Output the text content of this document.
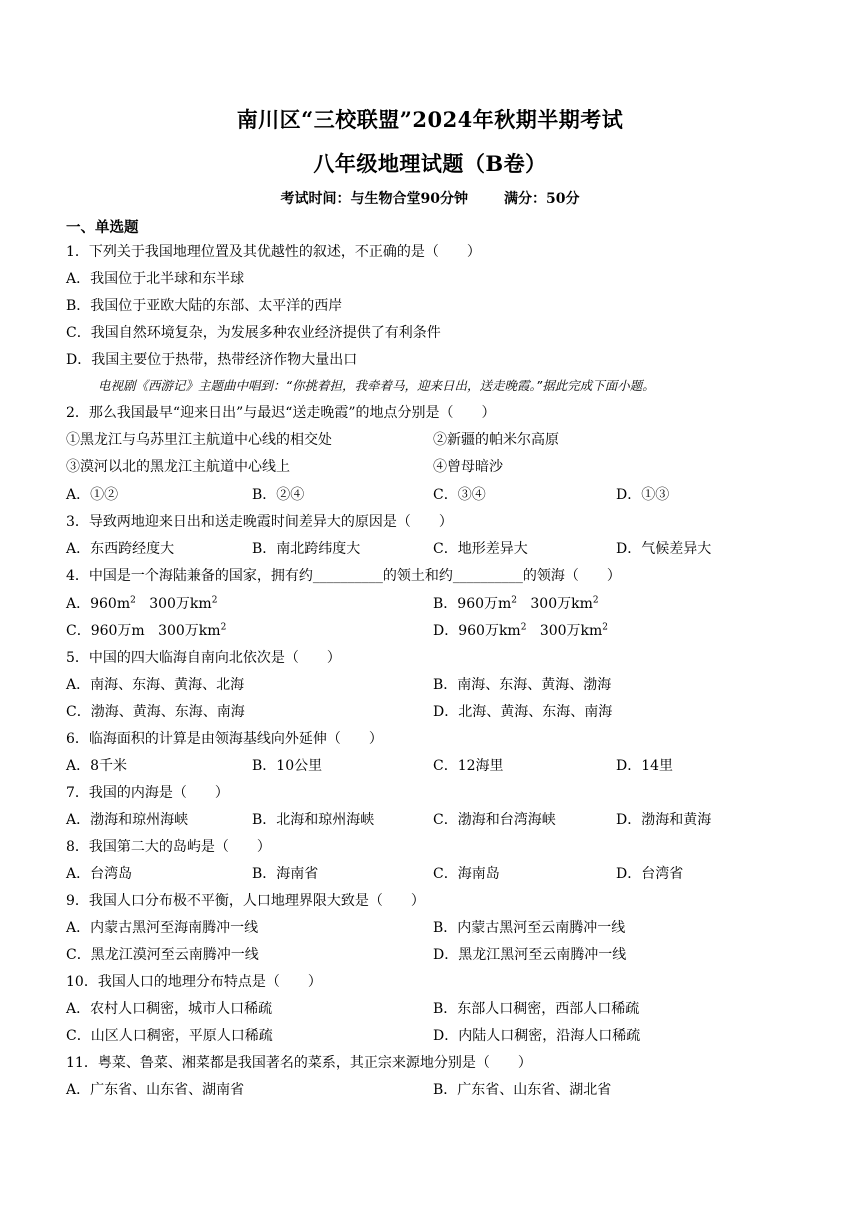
南川区“三校联盟”2024年秋期半期考试
八年级地理试题（B卷）
考试时间：与生物合堂90分钟	满分：50分
一、单选题
1．下列关于我国地理位置及其优越性的叙述，不正确的是（　　）
A．我国位于北半球和东半球
B．我国位于亚欧大陆的东部、太平洋的西岸
C．我国自然环境复杂，为发展多种农业经济提供了有利条件
D．我国主要位于热带，热带经济作物大量出口
电视剧《西游记》主题曲中唱到：“你挑着担，我牵着马，迎来日出，送走晚霞。”据此完成下面小题。
2．那么我国最早“迎来日出”与最迟“送走晚霞”的地点分别是（　　）
①黑龙江与乌苏里江主航道中心线的相交处	②新疆的帕米尔高原
③漠河以北的黑龙江主航道中心线上	④曾母暗沙
A．①②	B．②④	C．③④	D．①③
3．导致两地迎来日出和送走晚霞时间差异大的原因是（　　）
A．东西跨经度大	B．南北跨纬度大	C．地形差异大	D．气候差异大
4．中国是一个海陆兼备的国家，拥有约__________的领土和约__________的领海（　　）
A．$960m^2$ 300万$km^2$	B．960万$m^2$ 300万$km^2$
C．960万m 300万$km^2$	D．960万$km^2$ 300万$km^2$
5．中国的四大临海自南向北依次是（　　）
A．南海、东海、黄海、北海	B．南海、东海、黄海、渤海
C．渤海、黄海、东海、南海	D．北海、黄海、东海、南海
6．临海面积的计算是由领海基线向外延伸（　　）
A．8千米	B．10公里	C．12海里	D．14里
7．我国的内海是（　　）
A．渤海和琼州海峡	B．北海和琼州海峡	C．渤海和台湾海峡	D．渤海和黄海
8．我国第二大的岛屿是（　　）
A．台湾岛	B．海南省	C．海南岛	D．台湾省
9．我国人口分布极不平衡，人口地理界限大致是（　　）
A．内蒙古黑河至海南腾冲一线	B．内蒙古黑河至云南腾冲一线
C．黑龙江漠河至云南腾冲一线	D．黑龙江黑河至云南腾冲一线
10．我国人口的地理分布特点是（　　）
A．农村人口稠密，城市人口稀疏	B．东部人口稠密，西部人口稀疏
C．山区人口稠密，平原人口稀疏	D．内陆人口稠密，沿海人口稀疏
11．粤菜、鲁菜、湘菜都是我国著名的菜系，其正宗来源地分别是（　　）
A．广东省、山东省、湖南省	B．广东省、山东省、湖北省
